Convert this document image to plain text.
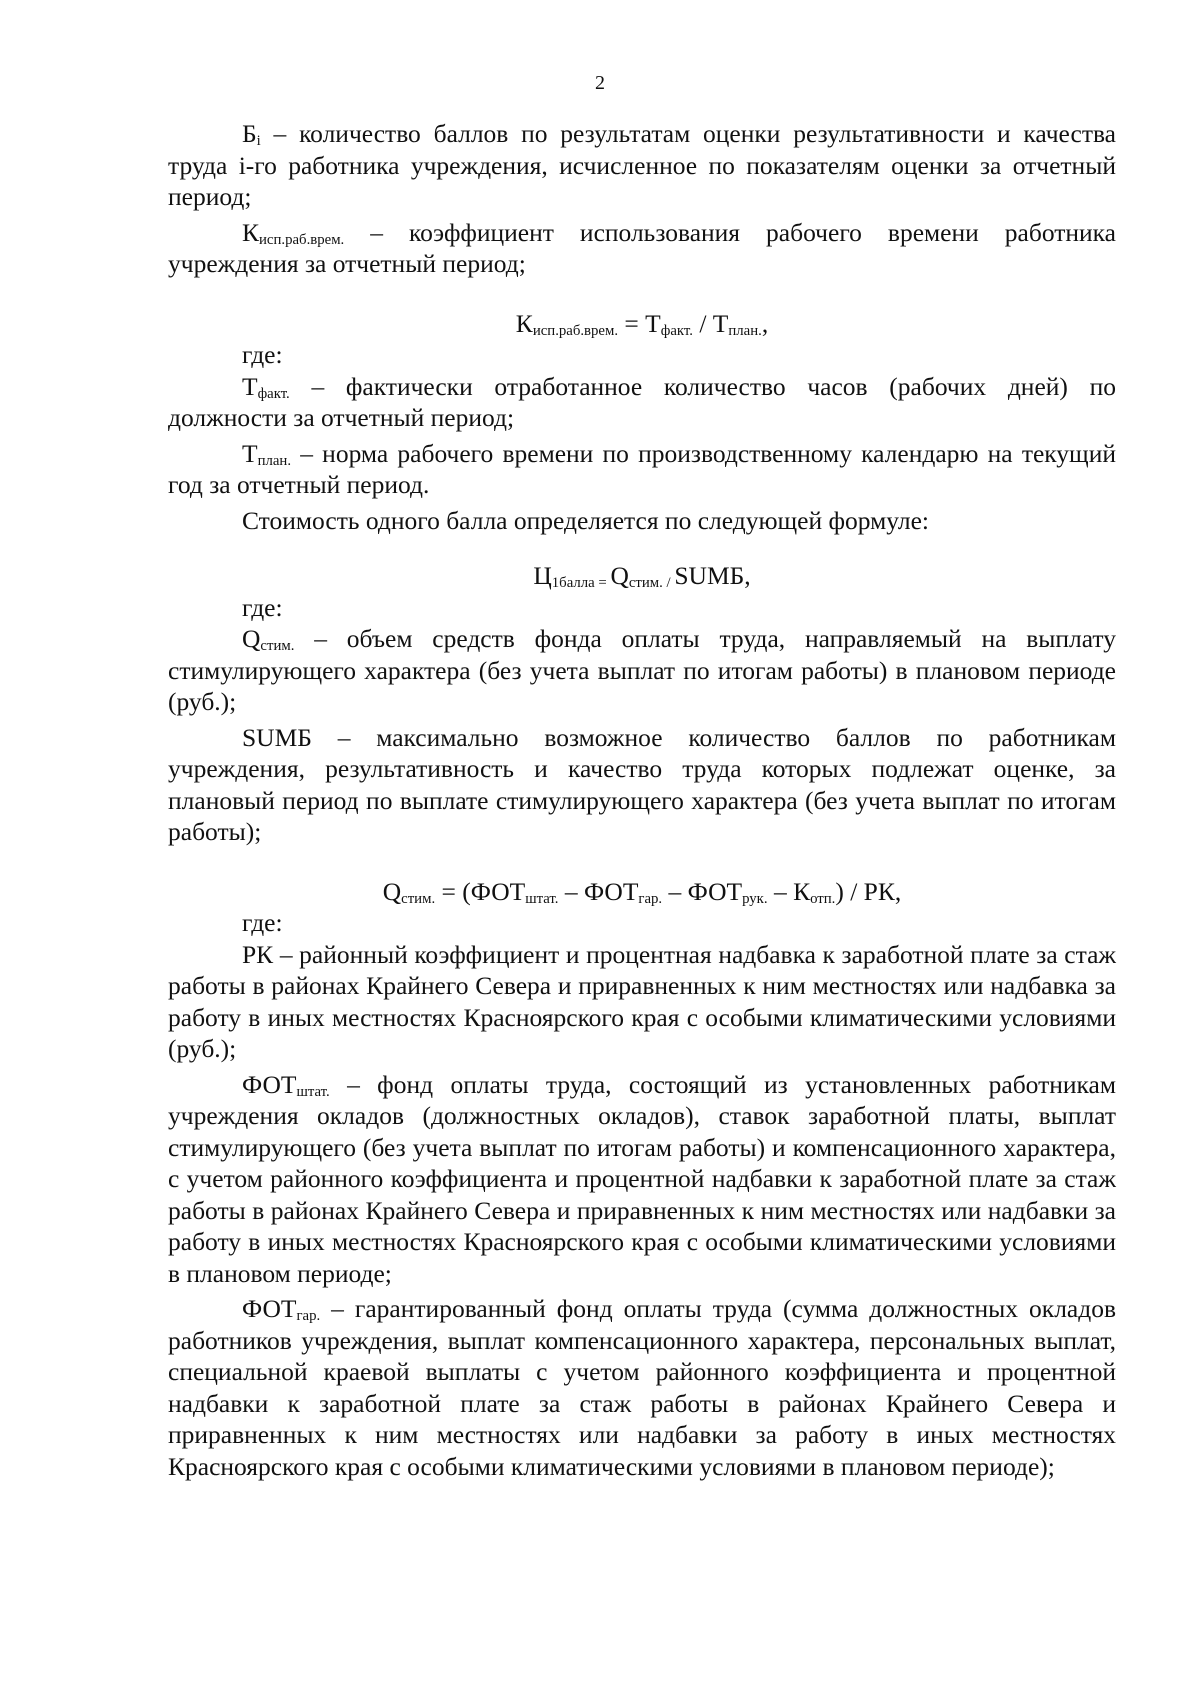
2

$Б_i$ – количество баллов по результатам оценки результативности и качества труда i-го работника учреждения, исчисленное по показателям оценки за отчетный период;

$К_{исп.раб.врем.}$ – коэффициент использования рабочего времени работника учреждения за отчетный период;

$К_{исп.раб.врем.} = Т_{факт.} / Т_{план.}$,

где:

$Т_{факт.}$ – фактически отработанное количество часов (рабочих дней) по должности за отчетный период;

$Т_{план.}$ – норма рабочего времени по производственному календарю на текущий год за отчетный период.

Стоимость одного балла определяется по следующей формуле:

$Ц_{1балла =}$ $Q_{стим. /}$ SUMБ,

где:

$Q_{стим.}$ – объем средств фонда оплаты труда, направляемый на выплату стимулирующего характера (без учета выплат по итогам работы) в плановом периоде (руб.);

SUMБ – максимально возможное количество баллов по работникам учреждения, результативность и качество труда которых подлежат оценке, за плановый период по выплате стимулирующего характера (без учета выплат по итогам работы);

$Q_{стим.} = (ФОТ_{штат.} - ФОТ_{гар.} - ФОТ_{рук.} - К_{отп.})$ / РК,

где:

РК – районный коэффициент и процентная надбавка к заработной плате за стаж работы в районах Крайнего Севера и приравненных к ним местностях или надбавка за работу в иных местностях Красноярского края с особыми климатическими условиями (руб.);

$ФОТ_{штат.}$ – фонд оплаты труда, состоящий из установленных работникам учреждения окладов (должностных окладов), ставок заработной платы, выплат стимулирующего (без учета выплат по итогам работы) и компенсационного характера, с учетом районного коэффициента и процентной надбавки к заработной плате за стаж работы в районах Крайнего Севера и приравненных к ним местностях или надбавки за работу в иных местностях Красноярского края с особыми климатическими условиями в плановом периоде;

$ФОТ_{гар.}$ – гарантированный фонд оплаты труда (сумма должностных окладов работников учреждения, выплат компенсационного характера, персональных выплат, специальной краевой выплаты с учетом районного коэффициента и процентной надбавки к заработной плате за стаж работы в районах Крайнего Севера и приравненных к ним местностях или надбавки за работу в иных местностях Красноярского края с особыми климатическими условиями в плановом периоде);
